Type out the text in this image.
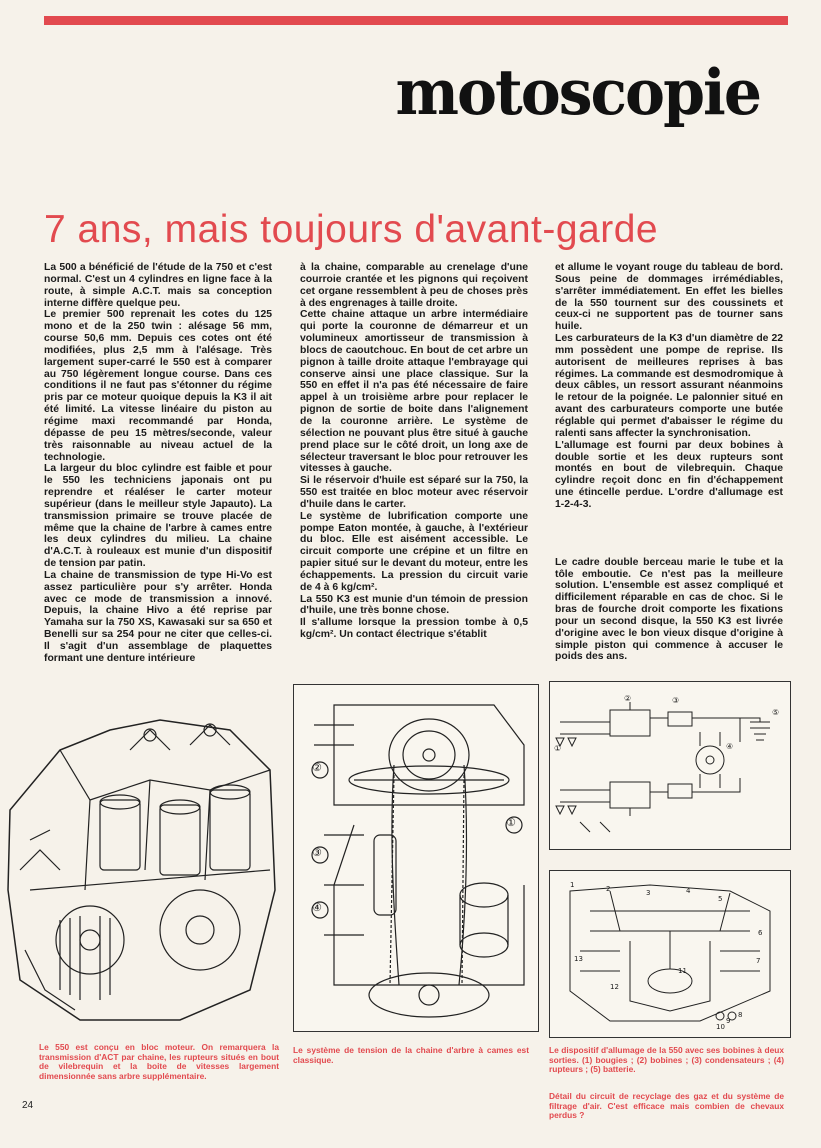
motoscopie
7 ans, mais toujours d'avant-garde

La 500 a bénéficié de l'étude de la 750 et c'est normal. C'est un 4 cylindres en ligne face à la route, à simple A.C.T. mais sa conception interne diffère quelque peu.

Le premier 500 reprenait les cotes du 125 mono et de la 250 twin : alésage 56 mm, course 50,6 mm. Depuis ces cotes ont été modifiées, plus 2,5 mm à l'alésage. Très largement super-carré le 550 est à comparer au 750 légèrement longue course. Dans ces conditions il ne faut pas s'étonner du régime pris par ce moteur quoique depuis la K3 il ait été limité. La vitesse linéaire du piston au régime maxi recommandé par Honda, dépasse de peu 15 mètres/seconde, valeur très raisonnable au niveau actuel de la technologie.

La largeur du bloc cylindre est faible et pour le 550 les techniciens japonais ont pu reprendre et réaléser le carter moteur supérieur (dans le meilleur style Japauto). La transmission primaire se trouve placée de même que la chaine de l'arbre à cames entre les deux cylindres du milieu. La chaine d'A.C.T. à rouleaux est munie d'un dispositif de tension par patin.

La chaine de transmission de type Hi-Vo est assez particulière pour s'y arrêter. Honda avec ce mode de transmission a innové. Depuis, la chaine Hivo a été reprise par Yamaha sur la 750 XS, Kawasaki sur sa 650 et Benelli sur sa 254 pour ne citer que celles-ci. Il s'agit d'un assemblage de plaquettes formant une denture intérieure

à la chaine, comparable au crenelage d'une courroie crantée et les pignons qui reçoivent cet organe ressemblent à peu de choses près à des engrenages à taille droite.

Cette chaine attaque un arbre intermédiaire qui porte la couronne de démarreur et un volumineux amortisseur de transmission à blocs de caoutchouc. En bout de cet arbre un pignon à taille droite attaque l'embrayage qui conserve ainsi une place classique. Sur la 550 en effet il n'a pas été nécessaire de faire appel à un troisième arbre pour replacer le pignon de sortie de boite dans l'alignement de la couronne arrière. Le système de sélection ne pouvant plus être situé à gauche prend place sur le côté droit, un long axe de sélecteur traversant le bloc pour retrouver les vitesses à gauche.

Si le réservoir d'huile est séparé sur la 750, la 550 est traitée en bloc moteur avec réservoir d'huile dans le carter.

Le système de lubrification comporte une pompe Eaton montée, à gauche, à l'extérieur du bloc. Elle est aisément accessible. Le circuit comporte une crépine et un filtre en papier situé sur le devant du moteur, entre les échappements. La pression du circuit varie de 4 à 6 kg/cm².

La 550 K3 est munie d'un témoin de pression d'huile, une très bonne chose.

Il s'allume lorsque la pression tombe à 0,5 kg/cm². Un contact électrique s'établit

et allume le voyant rouge du tableau de bord. Sous peine de dommages irrémédiables, s'arrêter immédiatement. En effet les bielles de la 550 tournent sur des coussinets et ceux-ci ne supportent pas de tourner sans huile.

Les carburateurs de la K3 d'un diamètre de 22 mm possèdent une pompe de reprise. Ils autorisent de meilleures reprises à bas régimes. La commande est desmodromique à deux câbles, un ressort assurant néanmoins le retour de la poignée. Le palonnier situé en avant des carburateurs comporte une butée réglable qui permet d'abaisser le régime du ralenti sans affecter la synchronisation.

L'allumage est fourni par deux bobines à double sortie et les deux rupteurs sont montés en bout de vilebrequin. Chaque cylindre reçoit donc en fin d'échappement une étincelle perdue. L'ordre d'allumage est 1-2-4-3.

Le cadre double berceau marie le tube et la tôle emboutie. Ce n'est pas la meilleure solution. L'ensemble est assez compliqué et difficilement réparable en cas de choc. Si le bras de fourche droit comporte les fixations pour un second disque, la 550 K3 est livrée d'origine avec le bon vieux disque d'origine à simple piston qui commence à accuser le poids des ans.

①
②
③
④
①
②	③
④
⑤
1	2	3	4
5
6
7
8
9
10
11
12
13
Le 550 est conçu en bloc moteur. On remarquera la transmission d'ACT par chaine, les rupteurs situés en bout de vilebrequin et la boite de vitesses largement dimensionnée sans arbre supplémentaire.
Le système de tension de la chaine d'arbre à cames est classique.
Le dispositif d'allumage de la 550 avec ses bobines à deux sorties. (1) bougies ; (2) bobines ; (3) condensateurs ; (4) rupteurs ; (5) batterie.
Détail du circuit de recyclage des gaz et du système de filtrage d'air. C'est efficace mais combien de chevaux perdus ?
24
